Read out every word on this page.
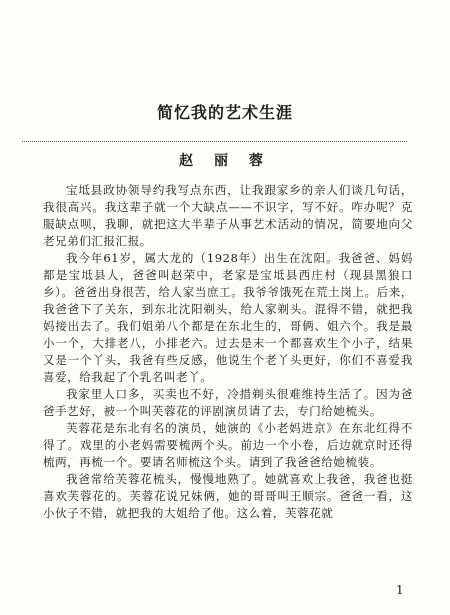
简忆我的艺术生涯
赵 丽 蓉

宝坻县政协领导约我写点东西，让我跟家乡的亲人们谈几句话，我很高兴。我这辈子就一个大缺点——不识字，写不好。咋办呢？克服缺点呗，我聊，就把这大半辈子从事艺术活动的情况，简要地向父老兄弟们汇报汇报。

我今年61岁，属大龙的（1928年）出生在沈阳。我爸爸、妈妈都是宝坻县人，爸爸叫赵荣中，老家是宝坻县西庄村（现县黑狼口乡）。爸爸出身很苦，给人家当庶工。我爷爷饿死在荒土岗上。后来，我爸爸下了关东，到东北沈阳剃头，给人家剃头。混得不错，就把我妈接出去了。我们姐弟八个都是在东北生的，哥俩、姐六个。我是最小一个，大排老八，小排老六。过去是末一个都喜欢生个小子，结果又是一个丫头，我爸有些反感，他说生个老丫头更好，你们不喜爱我喜爱，给我起了个乳名叫老丫。

我家里人口多，买卖也不好，冷措剃头很难维持生活了。因为爸爸手艺好，被一个叫芙蓉花的评剧演员请了去，专门给她梳头。

芙蓉花是东北有名的演员，她演的《小老妈进京》在东北红得不得了。戏里的小老妈需要梳两个头。前边一个小卷，后边就京时还得梳两，再梳一个。要请名师梳这个头。请到了我爸爸给她梳装。

我爸常给芙蓉花梳头，慢慢地熟了。她就喜欢上我爸，我爸也挺喜欢芙蓉花的。芙蓉花说兄妹俩，她的哥哥叫王顺宗。爸爸一看，这小伙子不错，就把我的大姐给了他。这么着，芙蓉花就

1
